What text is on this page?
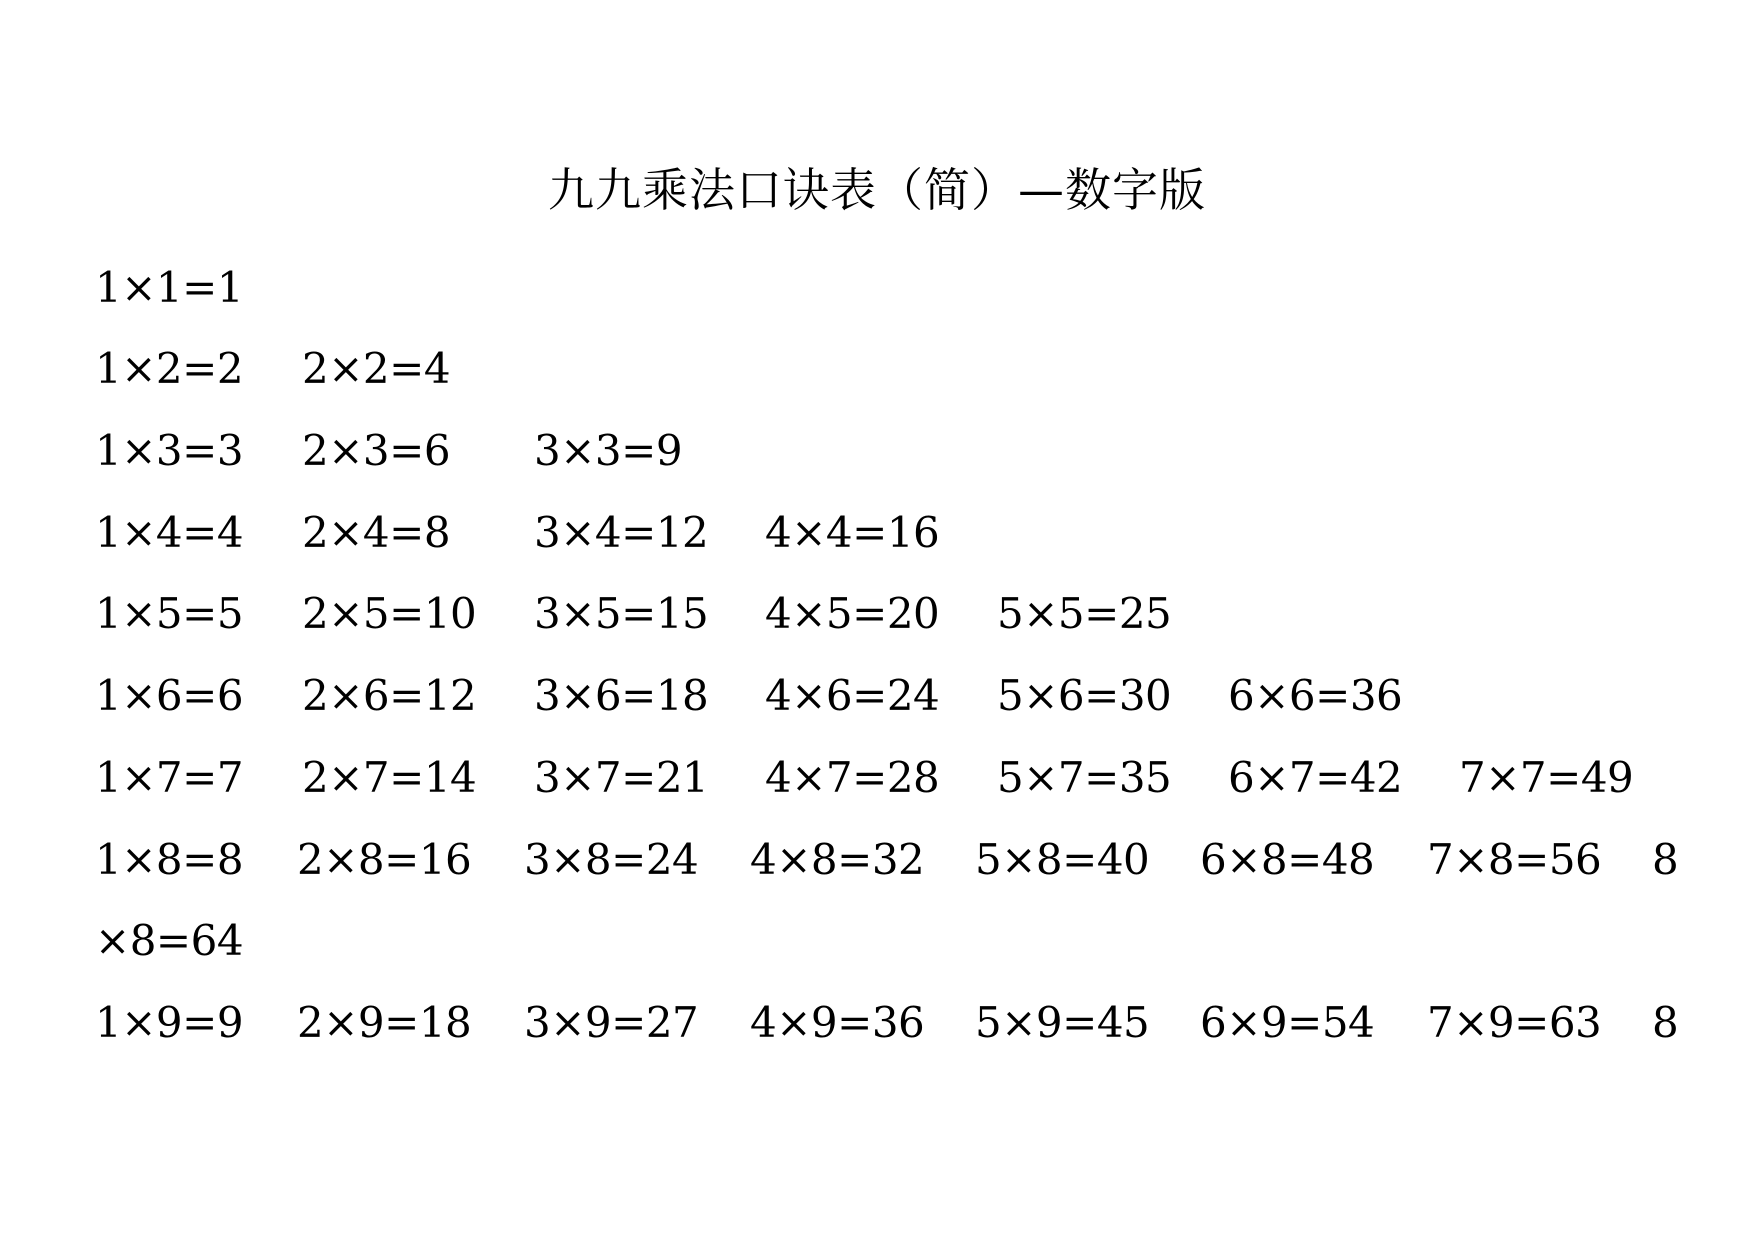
九九乘法口诀表（简）—数字版
1×1=1
1×2=2 2×2=4
1×3=3 2×3=6 3×3=9
1×4=4 2×4=8 3×4=12 4×4=16
1×5=5 2×5=10 3×5=15 4×5=20 5×5=25
1×6=6 2×6=12 3×6=18 4×6=24 5×6=30 6×6=36
1×7=7 2×7=14 3×7=21 4×7=28 5×7=35 6×7=42 7×7=49
1×8=8 2×8=16 3×8=24 4×8=32 5×8=40 6×8=48 7×8=56 8
×8=64
1×9=9 2×9=18 3×9=27 4×9=36 5×9=45 6×9=54 7×9=63 8
